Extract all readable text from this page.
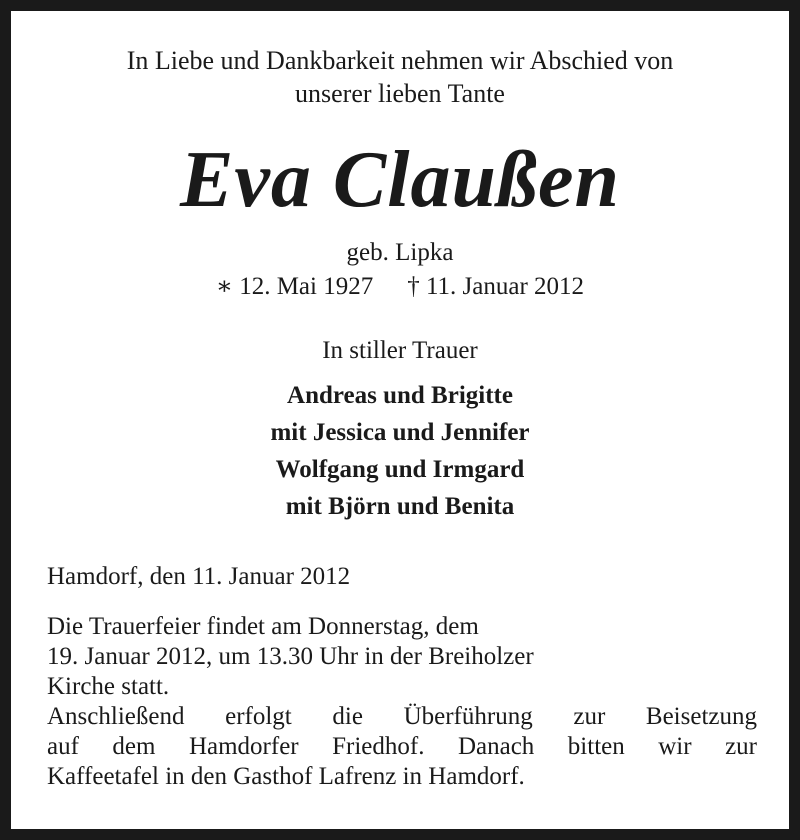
In Liebe und Dankbarkeit nehmen wir Abschied von
unserer lieben Tante
Eva Claußen
geb. Lipka
∗ 12. Mai 1927 † 11. Januar 2012
In stiller Trauer
Andreas und Brigitte
mit Jessica und Jennifer
Wolfgang und Irmgard
mit Björn und Benita
Hamdorf, den 11. Januar 2012
Die Trauerfeier findet am Donnerstag, dem
19. Januar 2012, um 13.30 Uhr in der Breiholzer
Kirche statt.
Anschließend erfolgt die Überführung zur Beisetzung
auf dem Hamdorfer Friedhof. Danach bitten wir zur
Kaffeetafel in den Gasthof Lafrenz in Hamdorf.
